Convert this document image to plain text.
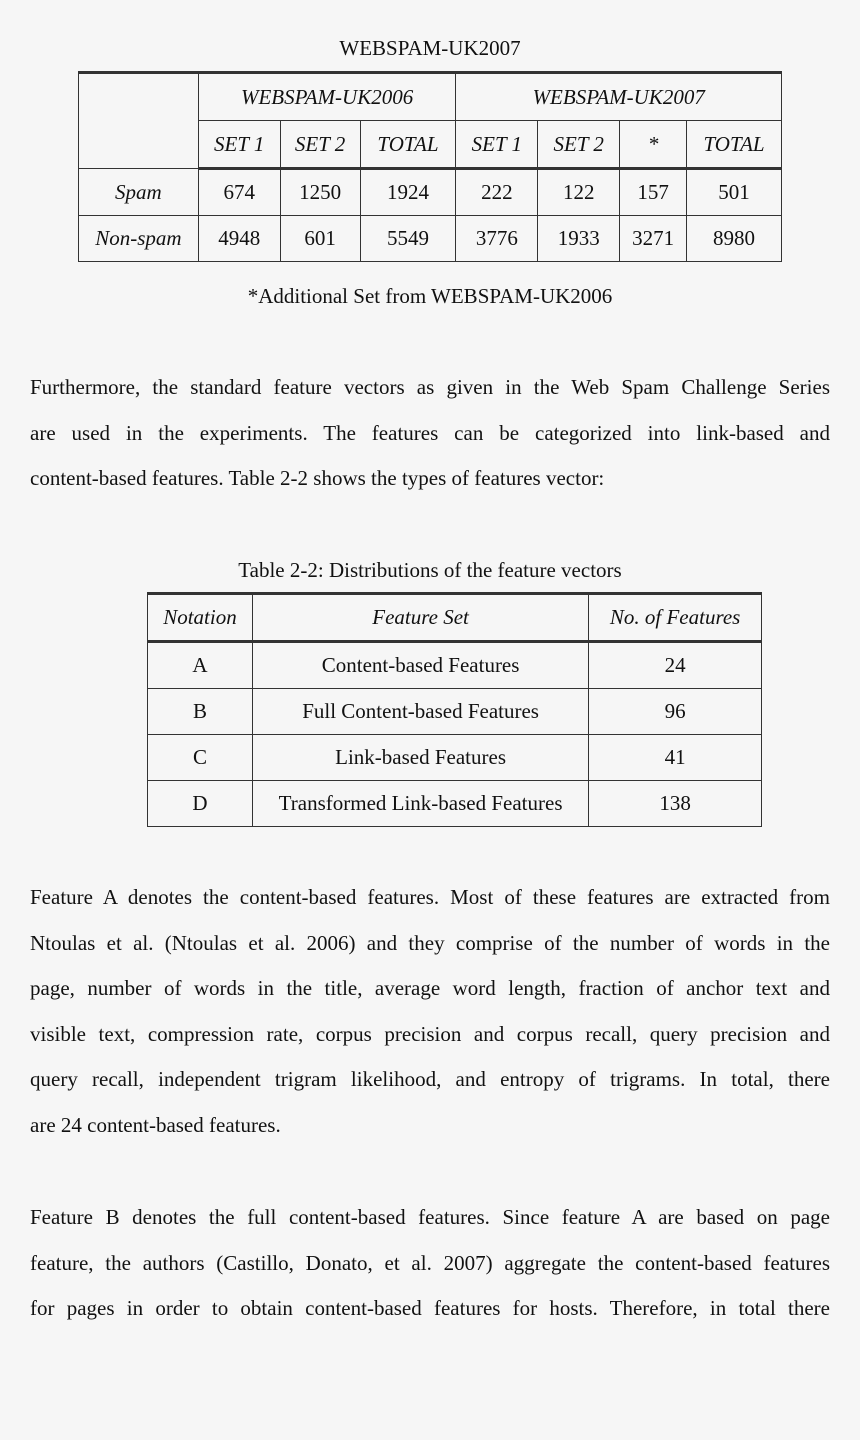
WEBSPAM-UK2007
	WEBSPAM-UK2006			WEBSPAM-UK2007			
	SET 1	SET 2	TOTAL	SET 1	SET 2	*	TOTAL
Spam	674	1250	1924	222	122	157	501
Non-spam	4948	601	5549	3776	1933	3271	8980
*Additional Set from WEBSPAM-UK2006
Furthermore, the standard feature vectors as given in the Web Spam Challenge Series
are used in the experiments. The features can be categorized into link-based and
content-based features. Table 2-2 shows the types of features vector:
Table 2-2: Distributions of the feature vectors
Notation	Feature Set	No. of Features
A	Content-based Features	24
B	Full Content-based Features	96
C	Link-based Features	41
D	Transformed Link-based Features	138
Feature A denotes the content-based features. Most of these features are extracted from
Ntoulas et al. (Ntoulas et al. 2006) and they comprise of the number of words in the
page, number of words in the title, average word length, fraction of anchor text and
visible text, compression rate, corpus precision and corpus recall, query precision and
query recall, independent trigram likelihood, and entropy of trigrams. In total, there
are 24 content-based features.
Feature B denotes the full content-based features. Since feature A are based on page
feature, the authors (Castillo, Donato, et al. 2007) aggregate the content-based features
for pages in order to obtain content-based features for hosts. Therefore, in total there
